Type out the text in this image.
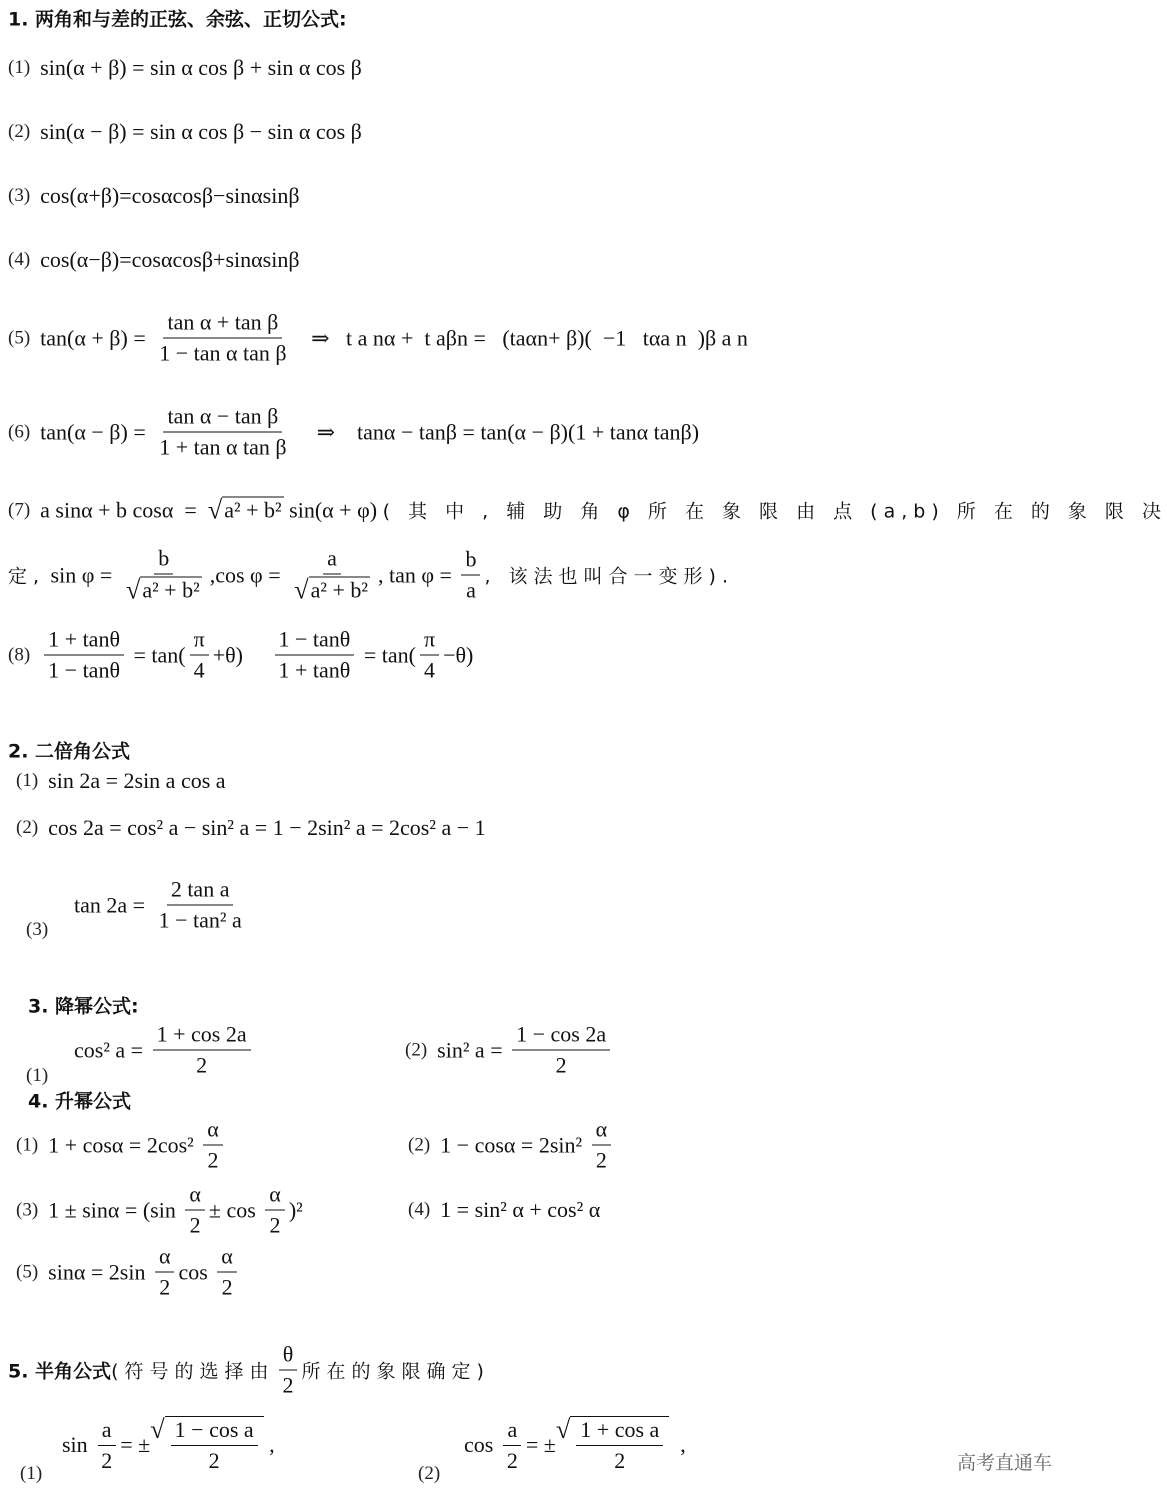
1. 两角和与差的正弦、余弦、正切公式:
(1) sin(α + β) = sin α cos β + sin α cos β
(2) sin(α − β) = sin α cos β − sin α cos β
(3) cos(α+β)=cosαcosβ−sinαsinβ
(4) cos(α−β)=cosαcosβ+sinαsinβ
(5) $\tan(\alpha + \beta) = \frac{\text{tan α + tan β}}{\text{1 − tan α tan β}}$ ⇒   t a nα +  t aβn =   (taαn+ β)(  −1   tαa n  )β a n
(6) $\tan(\alpha - \beta) = \frac{\text{tan α − tan β}}{\text{1 + tan α tan β}}$ ⇒    tanα − tanβ = tan(α − β)(1 + tanα tanβ)
(7) a sinα + b cosα  = √ a² + b² sin(α + φ) ( 其 中 , 辅 助 角 φ 所 在 象 限 由 点 (a,b) 所 在 的 象 限 决
定, $\sin \varphi = \frac{b}{\text{√ a² + b²}} ,\cos$ $\varphi = \frac{a}{\text{√ a² + b²}}$ , $\tan \varphi = \frac{b}{a}$ , 该法也叫合一变形).
$(8) \frac{1 + \tan\theta}{1 - \tan\theta} = \tan( \frac{\pi}{4} +\theta) \frac{1 - \tan\theta}{1 + \tan\theta} = \tan( \frac{\pi}{4} -\theta)$
2. 二倍角公式
(1) sin 2a = 2sin a cos a
(2) cos 2a = cos² a − sin² a = 1 − 2sin² a = 2cos² a − 1
$\tan 2a = \frac{\text{2 tan a}}{\text{1 − tan² a}}$
(3)
3. 降幂公式:
cos² $a = \frac{1 + \cos 2a}{2}$
(1)
(2) sin² $a = \frac{1 - \cos 2a}{2}$
4. 升幂公式
(1) $1 + \cos\alpha = 2\cos^2 \frac{\alpha}{2}$	(2) $1 - \cos\alpha = 2\sin^2 \frac{\alpha}{2}$
(3) $1 \pm \sin\alpha = (\sin \frac{\alpha}{2} \pm \cos \frac{\alpha}{2} )^2$	(4) 1 = sin² α + cos² α
(5) $\sin\alpha = 2\sin \frac{\alpha}{2}$ $\cos \frac{\alpha}{2}$
5. 半角公式 (符号的选择由 $\frac{\theta}{2}$ 所在的象限确定)
$\sin \frac{a}{2}$ = ±
√ $\frac{\text{1 − cos a}}{2}$ ,
(1)
$\cos \frac{a}{2}$ = ±
√ $\frac{\text{1 + cos a}}{2}$ ,
(2)	高考直通车
